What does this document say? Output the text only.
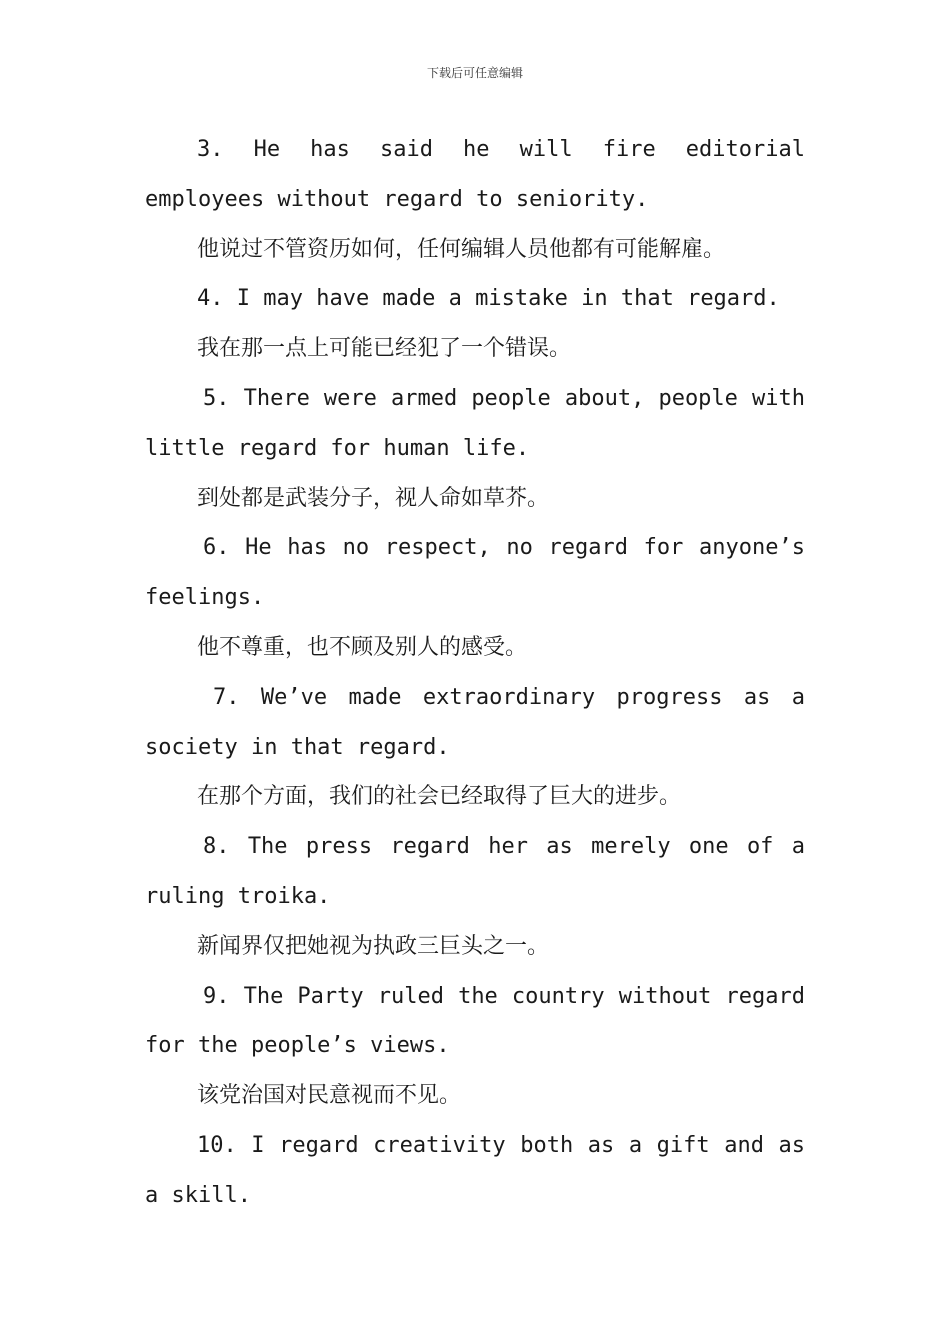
下载后可任意编辑

3. He has said he will fire editorial employees without regard to seniority.

他说过不管资历如何，任何编辑人员他都有可能解雇。

4. I may have made a mistake in that regard.

我在那一点上可能已经犯了一个错误。

5. There were armed people about, people with little regard for human life.

到处都是武装分子，视人命如草芥。

6. He has no respect, no regard for anyone’s feelings.

他不尊重，也不顾及别人的感受。

7. We’ve made extraordinary progress as a society in that regard.

在那个方面，我们的社会已经取得了巨大的进步。

8. The press regard her as merely one of a ruling troika.

新闻界仅把她视为执政三巨头之一。

9. The Party ruled the country without regard for the people’s views.

该党治国对民意视而不见。

10. I regard creativity both as a gift and as a skill.
